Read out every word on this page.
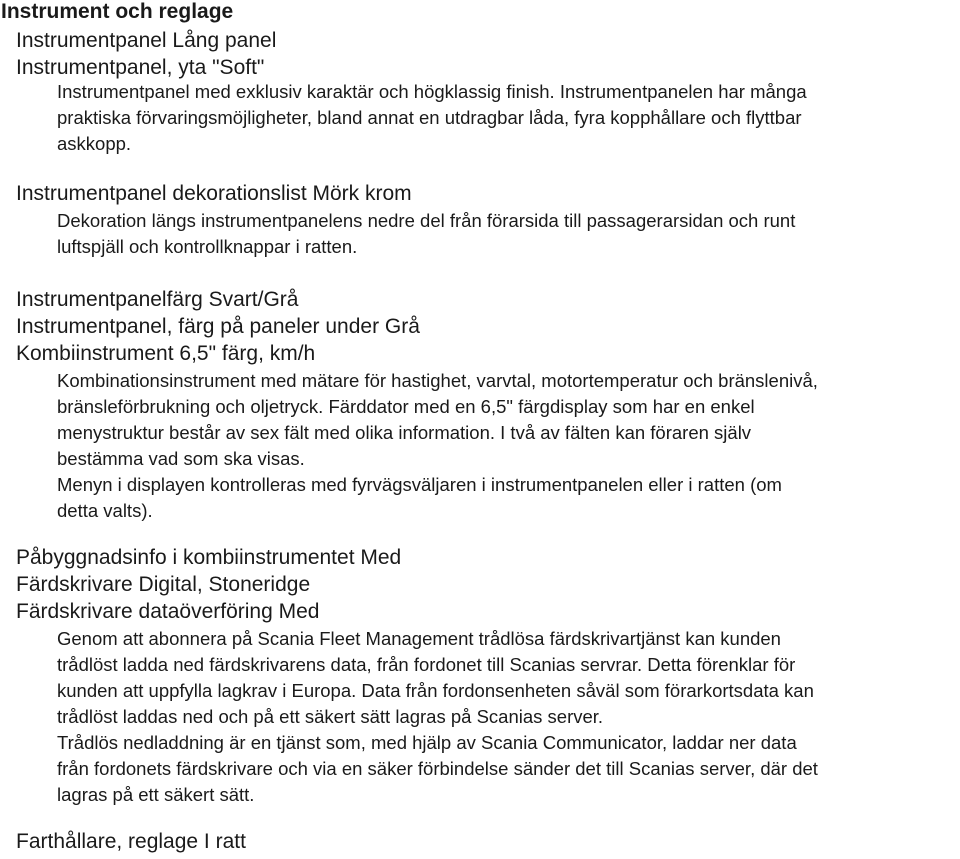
Instrument och reglage
Instrumentpanel Lång panel
Instrumentpanel, yta "Soft"
Instrumentpanel med exklusiv karaktär och högklassig finish. Instrumentpanelen har många
praktiska förvaringsmöjligheter, bland annat en utdragbar låda, fyra kopphållare och flyttbar
askkopp.
Instrumentpanel dekorationslist Mörk krom
Dekoration längs instrumentpanelens nedre del från förarsida till passagerarsidan och runt
luftspjäll och kontrollknappar i ratten.
Instrumentpanelfärg Svart/Grå
Instrumentpanel, färg på paneler under Grå
Kombiinstrument 6,5" färg, km/h
Kombinationsinstrument med mätare för hastighet, varvtal, motortemperatur och bränslenivå,
bränsleförbrukning och oljetryck. Färddator med en 6,5" färgdisplay som har en enkel
menystruktur består av sex fält med olika information. I två av fälten kan föraren själv
bestämma vad som ska visas.
Menyn i displayen kontrolleras med fyrvägsväljaren i instrumentpanelen eller i ratten (om
detta valts).
Påbyggnadsinfo i kombiinstrumentet Med
Färdskrivare Digital, Stoneridge
Färdskrivare dataöverföring Med
Genom att abonnera på Scania Fleet Management trådlösa färdskrivartjänst kan kunden
trådlöst ladda ned färdskrivarens data, från fordonet till Scanias servrar. Detta förenklar för
kunden att uppfylla lagkrav i Europa. Data från fordonsenheten såväl som förarkortsdata kan
trådlöst laddas ned och på ett säkert sätt lagras på Scanias server.
Trådlös nedladdning är en tjänst som, med hjälp av Scania Communicator, laddar ner data
från fordonets färdskrivare och via en säker förbindelse sänder det till Scanias server, där det
lagras på ett säkert sätt.
Farthållare, reglage I ratt
